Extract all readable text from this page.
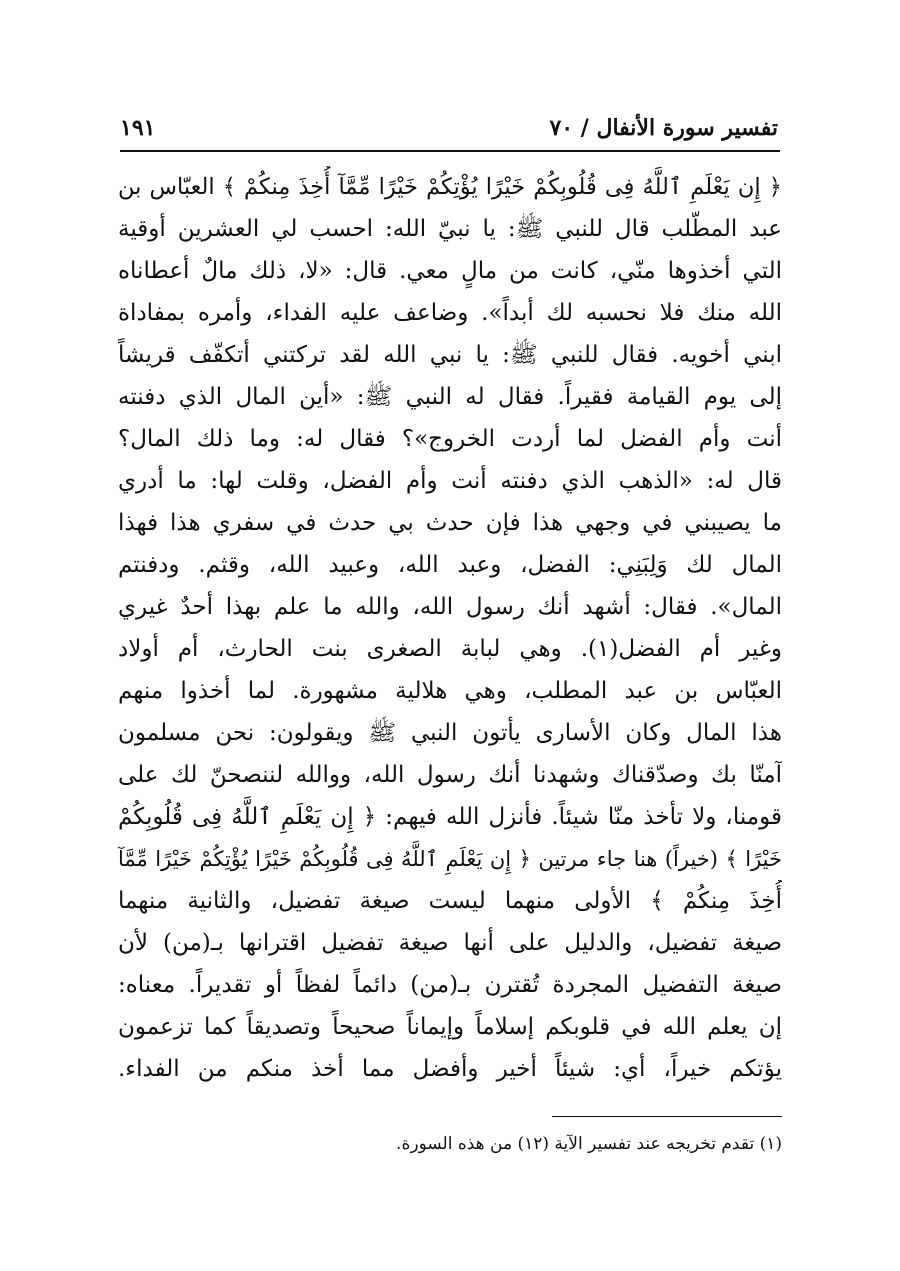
١٩١	تفسير سورة الأنفال / ٧٠
﴿ إِن يَعْلَمِ ٱللَّهُ فِى قُلُوبِكُمْ خَيْرًا يُؤْتِكُمْ خَيْرًا مِّمَّآ أُخِذَ مِنكُمْ ﴾ العبّاس بن
عبد المطّلب قال للنبي ﷺ: يا نبيّ الله: احسب لي العشرين أوقية
التي أخذوها منّي، كانت من مالٍ معي. قال: «لا، ذلك مالٌ أعطاناه
الله منك فلا نحسبه لك أبداً». وضاعف عليه الفداء، وأمره بمفاداة
ابني أخويه. فقال للنبي ﷺ: يا نبي الله لقد تركتني أتكفّف قريشاً
إلى يوم القيامة فقيراً. فقال له النبي ﷺ: «أين المال الذي دفنته
أنت وأم الفضل لما أردت الخروج»؟ فقال له: وما ذلك المال؟
قال له: «الذهب الذي دفنته أنت وأم الفضل، وقلت لها: ما أدري
ما يصيبني في وجهي هذا فإن حدث بي حدث في سفري هذا فهذا
المال لك وَلِبَنِي: الفضل، وعبد الله، وعبيد الله، وقثم. ودفنتم
المال». فقال: أشهد أنك رسول الله، والله ما علم بهذا أحدٌ غيري
وغير أم الفضل(١). وهي لبابة الصغرى بنت الحارث، أم أولاد
العبّاس بن عبد المطلب، وهي هلالية مشهورة. لما أخذوا منهم
هذا المال وكان الأسارى يأتون النبي ﷺ ويقولون: نحن مسلمون
آمنّا بك وصدّقناك وشهدنا أنك رسول الله، ووالله لننصحنّ لك على
قومنا، ولا تأخذ منّا شيئاً. فأنزل الله فيهم: ﴿ إِن يَعْلَمِ ٱللَّهُ فِى قُلُوبِكُمْ
خَيْرًا ﴾ (خيراً) هنا جاء مرتين ﴿ إِن يَعْلَمِ ٱللَّهُ فِى قُلُوبِكُمْ خَيْرًا يُؤْتِكُمْ خَيْرًا مِّمَّآ
أُخِذَ مِنكُمْ ﴾ الأولى منهما ليست صيغة تفضيل، والثانية منهما
صيغة تفضيل، والدليل على أنها صيغة تفضيل اقترانها بـ(من) لأن
صيغة التفضيل المجردة تُقترن بـ(من) دائماً لفظاً أو تقديراً. معناه:
إن يعلم الله في قلوبكم إسلاماً وإيماناً صحيحاً وتصديقاً كما تزعمون
يؤتكم خيراً، أي: شيئاً أخير وأفضل مما أخذ منكم من الفداء.
(١) تقدم تخريجه عند تفسير الآية (١٢) من هذه السورة.
